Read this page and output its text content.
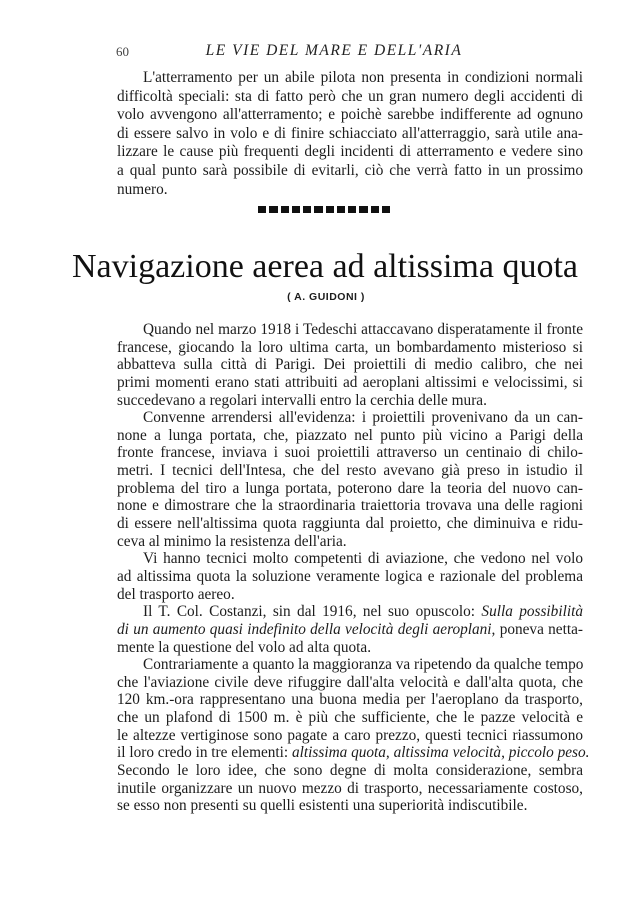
60	LE VIE DEL MARE E DELL'ARIA
L'atterramento per un abile pilota non presenta in condizioni normali
difficoltà speciali: sta di fatto però che un gran numero degli accidenti di
volo avvengono all'atterramento; e poichè sarebbe indifferente ad ognuno
di essere salvo in volo e di finire schiacciato all'atterraggio, sarà utile ana-
lizzare le cause più frequenti degli incidenti di atterramento e vedere sino
a qual punto sarà possibile di evitarli, ciò che verrà fatto in un prossimo
numero.
Navigazione aerea ad altissima quota
( A. GUIDONI )
Quando nel marzo 1918 i Tedeschi attaccavano disperatamente il fronte
francese, giocando la loro ultima carta, un bombardamento misterioso si
abbatteva sulla città di Parigi. Dei proiettili di medio calibro, che nei
primi momenti erano stati attribuiti ad aeroplani altissimi e velocissimi, si
succedevano a regolari intervalli entro la cerchia delle mura.
Convenne arrendersi all'evidenza: i proiettili provenivano da un can-
none a lunga portata, che, piazzato nel punto più vicino a Parigi della
fronte francese, inviava i suoi proiettili attraverso un centinaio di chilo-
metri. I tecnici dell'Intesa, che del resto avevano già preso in istudio il
problema del tiro a lunga portata, poterono dare la teoria del nuovo can-
none e dimostrare che la straordinaria traiettoria trovava una delle ragioni
di essere nell'altissima quota raggiunta dal proietto, che diminuiva e ridu-
ceva al minimo la resistenza dell'aria.
Vi hanno tecnici molto competenti di aviazione, che vedono nel volo
ad altissima quota la soluzione veramente logica e razionale del problema
del trasporto aereo.
Il T. Col. Costanzi, sin dal 1916, nel suo opuscolo: Sulla possibilità
di un aumento quasi indefinito della velocità degli aeroplani, poneva netta-
mente la questione del volo ad alta quota.
Contrariamente a quanto la maggioranza va ripetendo da qualche tempo
che l'aviazione civile deve rifuggire dall'alta velocità e dall'alta quota, che
120 km.-ora rappresentano una buona media per l'aeroplano da trasporto,
che un plafond di 1500 m. è più che sufficiente, che le pazze velocità e
le altezze vertiginose sono pagate a caro prezzo, questi tecnici riassumono
il loro credo in tre elementi: altissima quota, altissima velocità, piccolo peso.
Secondo le loro idee, che sono degne di molta considerazione, sembra
inutile organizzare un nuovo mezzo di trasporto, necessariamente costoso,
se esso non presenti su quelli esistenti una superiorità indiscutibile.
